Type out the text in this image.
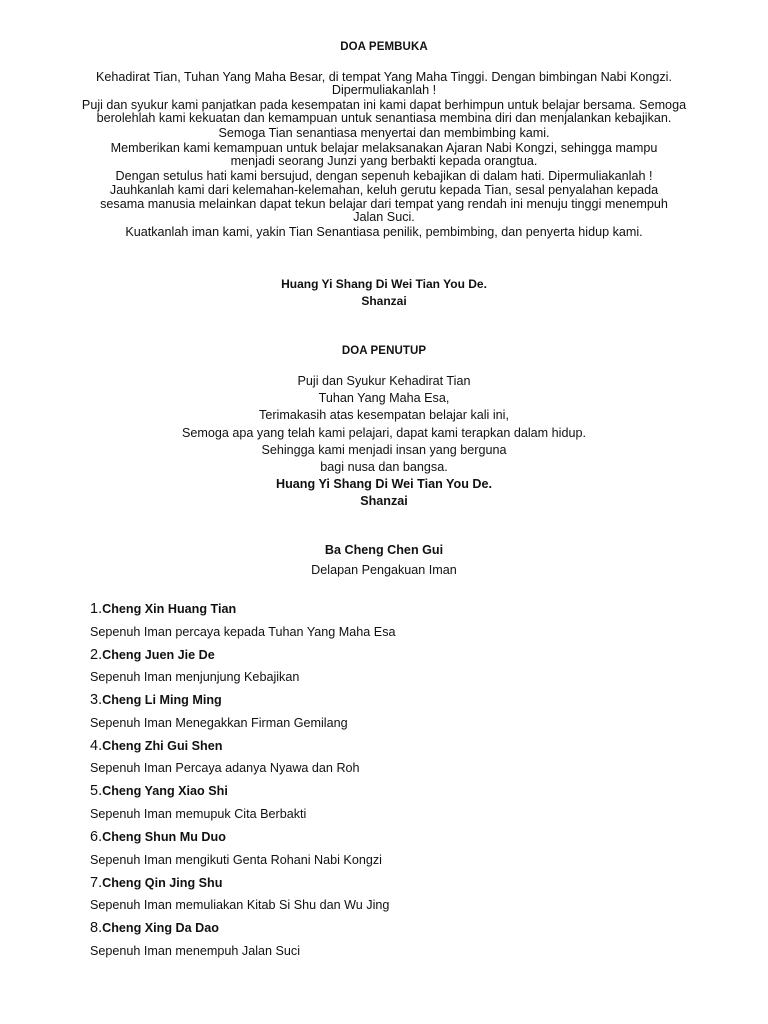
DOA PEMBUKA
Kehadirat Tian, Tuhan Yang Maha Besar, di tempat Yang Maha Tinggi. Dengan bimbingan Nabi Kongzi. Dipermuliakanlah !
Puji dan syukur kami panjatkan pada kesempatan ini kami dapat berhimpun untuk belajar bersama. Semoga berolehlah kami kekuatan dan kemampuan untuk senantiasa membina diri dan menjalankan kebajikan.
Semoga Tian senantiasa menyertai dan membimbing kami.
Memberikan kami kemampuan untuk belajar melaksanakan Ajaran Nabi Kongzi, sehingga mampu menjadi seorang Junzi yang berbakti kepada orangtua.
Dengan setulus hati kami bersujud, dengan sepenuh kebajikan di dalam hati. Dipermuliakanlah !
Jauhkanlah kami dari kelemahan-kelemahan, keluh gerutu kepada Tian, sesal penyalahan kepada sesama manusia melainkan dapat tekun belajar dari tempat yang rendah ini menuju tinggi menempuh Jalan Suci.
Kuatkanlah iman kami, yakin Tian Senantiasa penilik, pembimbing, dan penyerta hidup kami.
Huang Yi Shang Di Wei Tian You De.
Shanzai
DOA PENUTUP
Puji dan Syukur Kehadirat Tian
Tuhan Yang Maha Esa,
Terimakasih atas kesempatan belajar kali ini,
Semoga apa yang telah kami pelajari, dapat kami terapkan dalam hidup.
Sehingga kami menjadi insan yang berguna
bagi nusa dan bangsa.
Huang Yi Shang Di Wei Tian You De.
Shanzai
Ba Cheng Chen Gui
Delapan Pengakuan Iman
1.Cheng Xin Huang Tian
Sepenuh Iman percaya kepada Tuhan Yang Maha Esa
2.Cheng Juen Jie De
Sepenuh Iman menjunjung Kebajikan
3.Cheng Li Ming Ming
Sepenuh Iman Menegakkan Firman Gemilang
4.Cheng Zhi Gui Shen
Sepenuh Iman Percaya adanya Nyawa dan Roh
5.Cheng Yang Xiao Shi
Sepenuh Iman memupuk Cita Berbakti
6.Cheng Shun Mu Duo
Sepenuh Iman mengikuti Genta Rohani Nabi Kongzi
7.Cheng Qin Jing Shu
Sepenuh Iman memuliakan Kitab Si Shu dan Wu Jing
8.Cheng Xing Da Dao
Sepenuh Iman menempuh Jalan Suci
